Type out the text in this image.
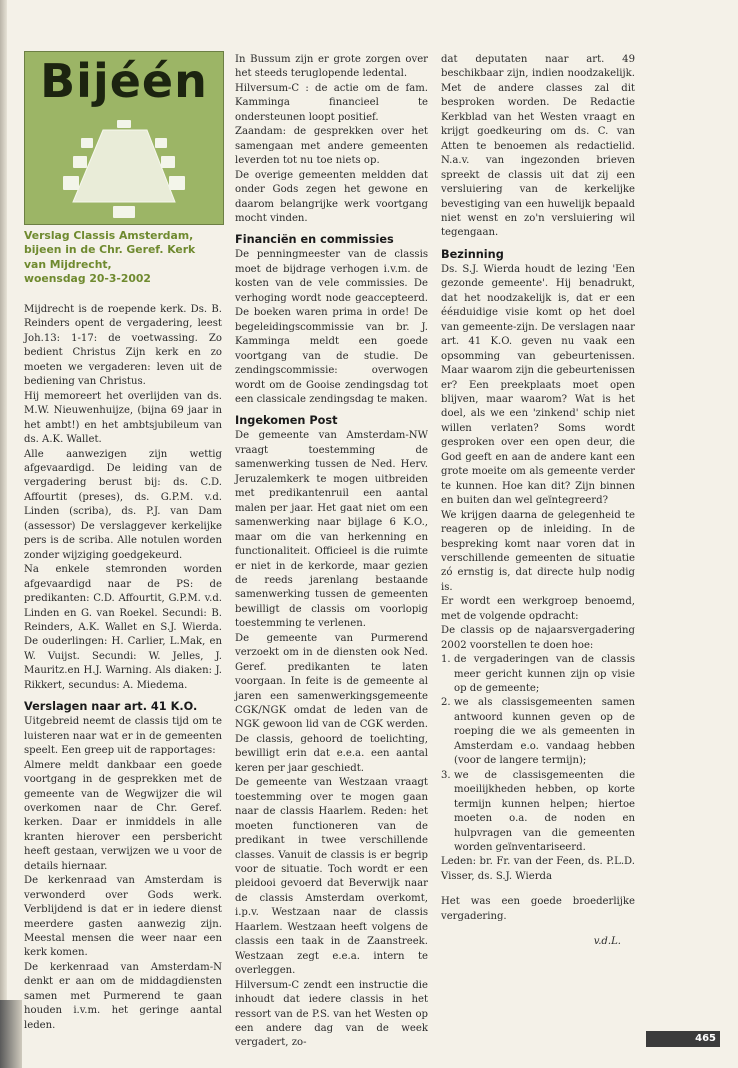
Bijéén
Verslag Classis Amsterdam,
bijeen in de Chr. Geref. Kerk
van Mijdrecht,
woensdag 20-3-2002

Mijdrecht is de roepende kerk. Ds. B. Reinders opent de vergadering, leest Joh.13: 1-17: de voetwassing. Zo bedient Christus Zijn kerk en zo moeten we vergaderen: leven uit de bediening van Christus.

Hij memoreert het overlijden van ds. M.W. Nieuwenhuijze, (bijna 69 jaar in het ambt!) en het ambtsjubileum van ds. A.K. Wallet.

Alle aanwezigen zijn wettig afgevaardigd. De leiding van de vergadering berust bij: ds. C.D. Affourtit (preses), ds. G.P.M. v.d. Linden (scriba), ds. P.J. van Dam (assessor) De verslaggever kerkelijke pers is de scriba. Alle notulen worden zonder wijziging goedgekeurd.

Na enkele stemronden worden afgevaardigd naar de PS: de predikanten: C.D. Affourtit, G.P.M. v.d. Linden en G. van Roekel. Secundi: B. Reinders, A.K. Wallet en S.J. Wierda. De ouderlingen: H. Carlier, L.Mak, en W. Vuijst. Secundi: W. Jelles, J. Mauritz.en H.J. Warning. Als diaken: J. Rikkert, secundus: A. Miedema.

Verslagen naar art. 41 K.O.

Uitgebreid neemt de classis tijd om te luisteren naar wat er in de gemeenten speelt. Een greep uit de rapportages:

Almere meldt dankbaar een goede voortgang in de gesprekken met de gemeente van de Wegwijzer die wil overkomen naar de Chr. Geref. kerken. Daar er inmiddels in alle kranten hierover een persbericht heeft gestaan, verwijzen we u voor de details hiernaar.

De kerkenraad van Amsterdam is verwonderd over Gods werk. Verblijdend is dat er in iedere dienst meerdere gasten aanwezig zijn. Meestal mensen die weer naar een kerk komen.

De kerkenraad van Amsterdam-N denkt er aan om de middagdiensten samen met Purmerend te gaan houden i.v.m. het geringe aantal leden.

In Bussum zijn er grote zorgen over het steeds teruglopende ledental.

Hilversum-C : de actie om de fam. Kamminga financieel te ondersteunen loopt positief.

Zaandam: de gesprekken over het samengaan met andere gemeenten leverden tot nu toe niets op.

De overige gemeenten meldden dat onder Gods zegen het gewone en daarom belangrijke werk voortgang mocht vinden.

Financiën en commissies

De penningmeester van de classis moet de bijdrage verhogen i.v.m. de kosten van de vele commissies. De verhoging wordt node geaccepteerd. De boeken waren prima in orde! De begeleidingscommissie van br. J. Kamminga meldt een goede voortgang van de studie. De zendingscommissie: overwogen wordt om de Gooise zendingsdag tot een classicale zendingsdag te maken.

Ingekomen Post

De gemeente van Amsterdam-NW vraagt toestemming de samenwerking tussen de Ned. Herv. Jeruzalemkerk te mogen uitbreiden met predikantenruil een aantal malen per jaar. Het gaat niet om een samenwerking naar bijlage 6 K.O., maar om die van herkenning en functionaliteit. Officieel is die ruimte er niet in de kerkorde, maar gezien de reeds jarenlang bestaande samenwerking tussen de gemeenten bewilligt de classis om voorlopig toestemming te verlenen.

De gemeente van Purmerend verzoekt om in de diensten ook Ned. Geref. predikanten te laten voorgaan. In feite is de gemeente al jaren een samenwerkingsgemeente CGK/NGK omdat de leden van de NGK gewoon lid van de CGK werden. De classis, gehoord de toelichting, bewilligt erin dat e.e.a. een aantal keren per jaar geschiedt.

De gemeente van Westzaan vraagt toestemming over te mogen gaan naar de classis Haarlem. Reden: het moeten functioneren van de predikant in twee verschillende classes. Vanuit de classis is er begrip voor de situatie. Toch wordt er een pleidooi gevoerd dat Beverwijk naar de classis Amsterdam overkomt, i.p.v. Westzaan naar de classis Haarlem. Westzaan heeft volgens de classis een taak in de Zaanstreek. Westzaan zegt e.e.a. intern te overleggen.

Hilversum-C zendt een instructie die inhoudt dat iedere classis in het ressort van de P.S. van het Westen op een andere dag van de week vergadert, zo-

dat deputaten naar art. 49 beschikbaar zijn, indien noodzakelijk. Met de andere classes zal dit besproken worden. De Redactie Kerkblad van het Westen vraagt en krijgt goedkeuring om ds. C. van Atten te benoemen als redactielid. N.a.v. van ingezonden brieven spreekt de classis uit dat zij een versluiering van de kerkelijke bevestiging van een huwelijk bepaald niet wenst en zo'n versluiering wil tegengaan.

Bezinning

Ds. S.J. Wierda houdt de lezing 'Een gezonde gemeente'. Hij benadrukt, dat het noodzakelijk is, dat er een ééнduidige visie komt op het doel van gemeente-zijn. De verslagen naar art. 41 K.O. geven nu vaak een opsomming van gebeurtenissen. Maar waarom zijn die gebeurtenissen er? Een preekplaats moet open blijven, maar waarom? Wat is het doel, als we een 'zinkend' schip niet willen verlaten? Soms wordt gesproken over een open deur, die God geeft en aan de andere kant een grote moeite om als gemeente verder te kunnen. Hoe kan dit? Zijn binnen en buiten dan wel geïntegreerd?

We krijgen daarna de gelegenheid te reageren op de inleiding. In de bespreking komt naar voren dat in verschillende gemeenten de situatie zó ernstig is, dat directe hulp nodig is.

Er wordt een werkgroep benoemd, met de volgende opdracht:

De classis op de najaarsvergadering 2002 voorstellen te doen hoe:

1. de vergaderingen van de classis meer gericht kunnen zijn op visie op de gemeente;
2. we als classisgemeenten samen antwoord kunnen geven op de roeping die we als gemeenten in Amsterdam e.o. vandaag hebben (voor de langere termijn);
3. we de classisgemeenten die moeilijkheden hebben, op korte termijn kunnen helpen; hiertoe moeten o.a. de noden en hulpvragen van die gemeenten worden geïnventariseerd.

Leden: br. Fr. van der Feen, ds. P.L.D. Visser, ds. S.J. Wierda

Het was een goede broederlijke vergadering.

v.d.L.

465
